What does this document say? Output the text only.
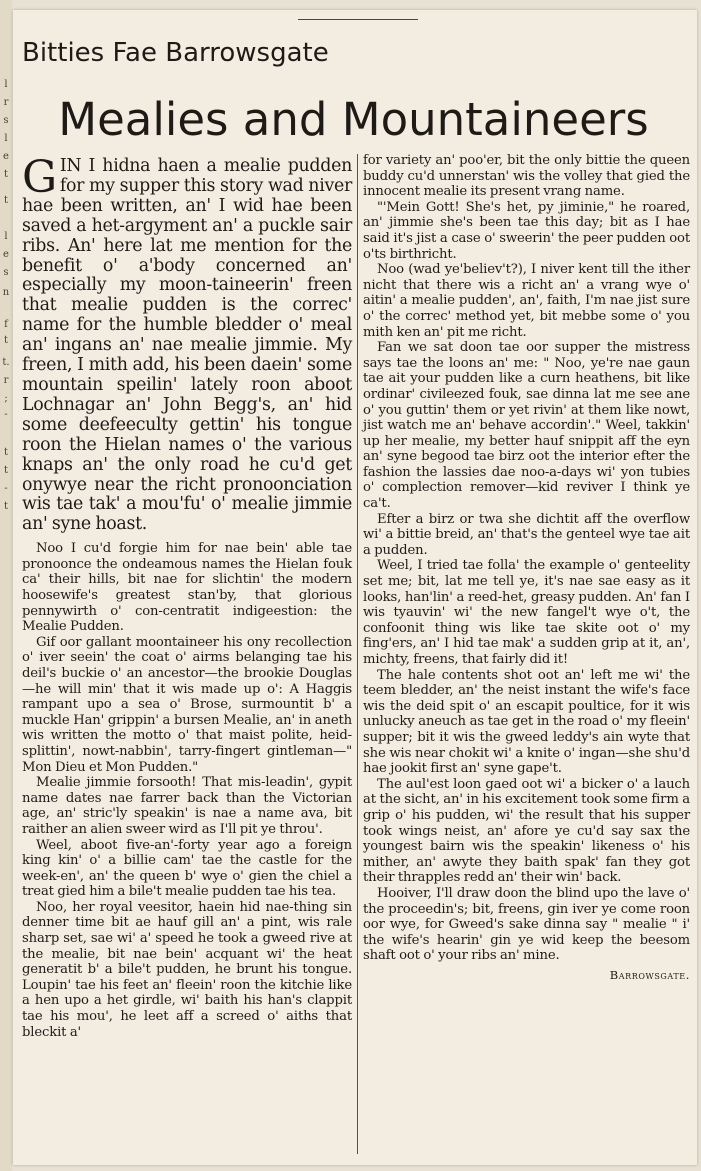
l
r
s
l
e
t
t
l
e
s
n
f
t
t.
r
;
-
t
t
-
t
Bitties Fae Barrowsgate
Mealies and Mountaineers
GIN I hidna haen a mealie pudden for my supper this story wad niver hae been written, an' I wid hae been saved a het-argyment an' a puckle sair ribs. An' here lat me mention for the benefit o' a'body concerned an' especially my moon-taineerin' freen that mealie pudden is the correc' name for the humble bledder o' meal an' ingans an' nae mealie jimmie. My freen, I mith add, his been daein' some mountain speilin' lately roon aboot Lochnagar an' John Begg's, an' hid some deefeeculty gettin' his tongue roon the Hielan names o' the various knaps an' the only road he cu'd get onywye near the richt pronoonciation wis tae tak' a mou'fu' o' mealie jimmie an' syne hoast.

Noo I cu'd forgie him for nae bein' able tae pronoonce the ondeamous names the Hielan fouk ca' their hills, bit nae for slichtin' the modern hoosewife's greatest stan'by, that glorious pennywirth o' con-centratit indigeestion: the Mealie Pudden.

Gif oor gallant moontaineer his ony recollection o' iver seein' the coat o' airms belanging tae his deil's buckie o' an ancestor—the brookie Douglas—he will min' that it wis made up o': A Haggis rampant upo a sea o' Brose, surmountit b' a muckle Han' grippin' a bursen Mealie, an' in aneth wis written the motto o' that maist polite, heid-splittin', nowt-nabbin', tarry-fingert gintleman—" Mon Dieu et Mon Pudden."

Mealie jimmie forsooth! That mis-leadin', gypit name dates nae farrer back than the Victorian age, an' stric'ly speakin' is nae a name ava, bit raither an alien sweer wird as I'll pit ye throu'.

Weel, aboot five-an'-forty year ago a foreign king kin' o' a billie cam' tae the castle for the week-en', an' the queen b' wye o' gien the chiel a treat gied him a bile't mealie pudden tae his tea.

Noo, her royal veesitor, haein hid nae-thing sin denner time bit ae hauf gill an' a pint, wis rale sharp set, sae wi' a' speed he took a gweed rive at the mealie, bit nae bein' acquant wi' the heat generatit b' a bile't pudden, he brunt his tongue. Loupin' tae his feet an' fleein' roon the kitchie like a hen upo a het girdle, wi' baith his han's clappit tae his mou', he leet aff a screed o' aiths that bleckit a'

for variety an' poo'er, bit the only bittie the queen buddy cu'd unnerstan' wis the volley that gied the innocent mealie its present vrang name.

"'Mein Gott! She's het, py jiminie," he roared, an' jimmie she's been tae this day; bit as I hae said it's jist a case o' sweerin' the peer pudden oot o'ts birthricht.

Noo (wad ye'believ't?), I niver kent till the ither nicht that there wis a richt an' a vrang wye o' aitin' a mealie pudden', an', faith, I'm nae jist sure o' the correc' method yet, bit mebbe some o' you mith ken an' pit me richt.

Fan we sat doon tae oor supper the mistress says tae the loons an' me: " Noo, ye're nae gaun tae ait your pudden like a curn heathens, bit like ordinar' civileezed fouk, sae dinna lat me see ane o' you guttin' them or yet rivin' at them like nowt, jist watch me an' behave accordin'." Weel, takkin' up her mealie, my better hauf snippit aff the eyn an' syne begood tae birz oot the interior efter the fashion the lassies dae noo-a-days wi' yon tubies o' complection remover—kid reviver I think ye ca't.

Efter a birz or twa she dichtit aff the overflow wi' a bittie breid, an' that's the genteel wye tae ait a pudden.

Weel, I tried tae folla' the example o' genteelity set me; bit, lat me tell ye, it's nae sae easy as it looks, han'lin' a reed-het, greasy pudden. An' fan I wis tyauvin' wi' the new fangel't wye o't, the confoonit thing wis like tae skite oot o' my fing'ers, an' I hid tae mak' a sudden grip at it, an', michty, freens, that fairly did it!

The hale contents shot oot an' left me wi' the teem bledder, an' the neist instant the wife's face wis the deid spit o' an escapit poultice, for it wis unlucky aneuch as tae get in the road o' my fleein' supper; bit it wis the gweed leddy's ain wyte that she wis near chokit wi' a knite o' ingan—she shu'd hae jookit first an' syne gape't.

The aul'est loon gaed oot wi' a bicker o' a lauch at the sicht, an' in his excitement took some firm a grip o' his pudden, wi' the result that his supper took wings neist, an' afore ye cu'd say sax the youngest bairn wis the speakin' likeness o' his mither, an' awyte they baith spak' fan they got their thrapples redd an' their win' back.

Hooiver, I'll draw doon the blind upo the lave o' the proceedin's; bit, freens, gin iver ye come roon oor wye, for Gweed's sake dinna say " mealie " i' the wife's hearin' gin ye wid keep the beesom shaft oot o' your ribs an' mine.

Barrowsgate.
